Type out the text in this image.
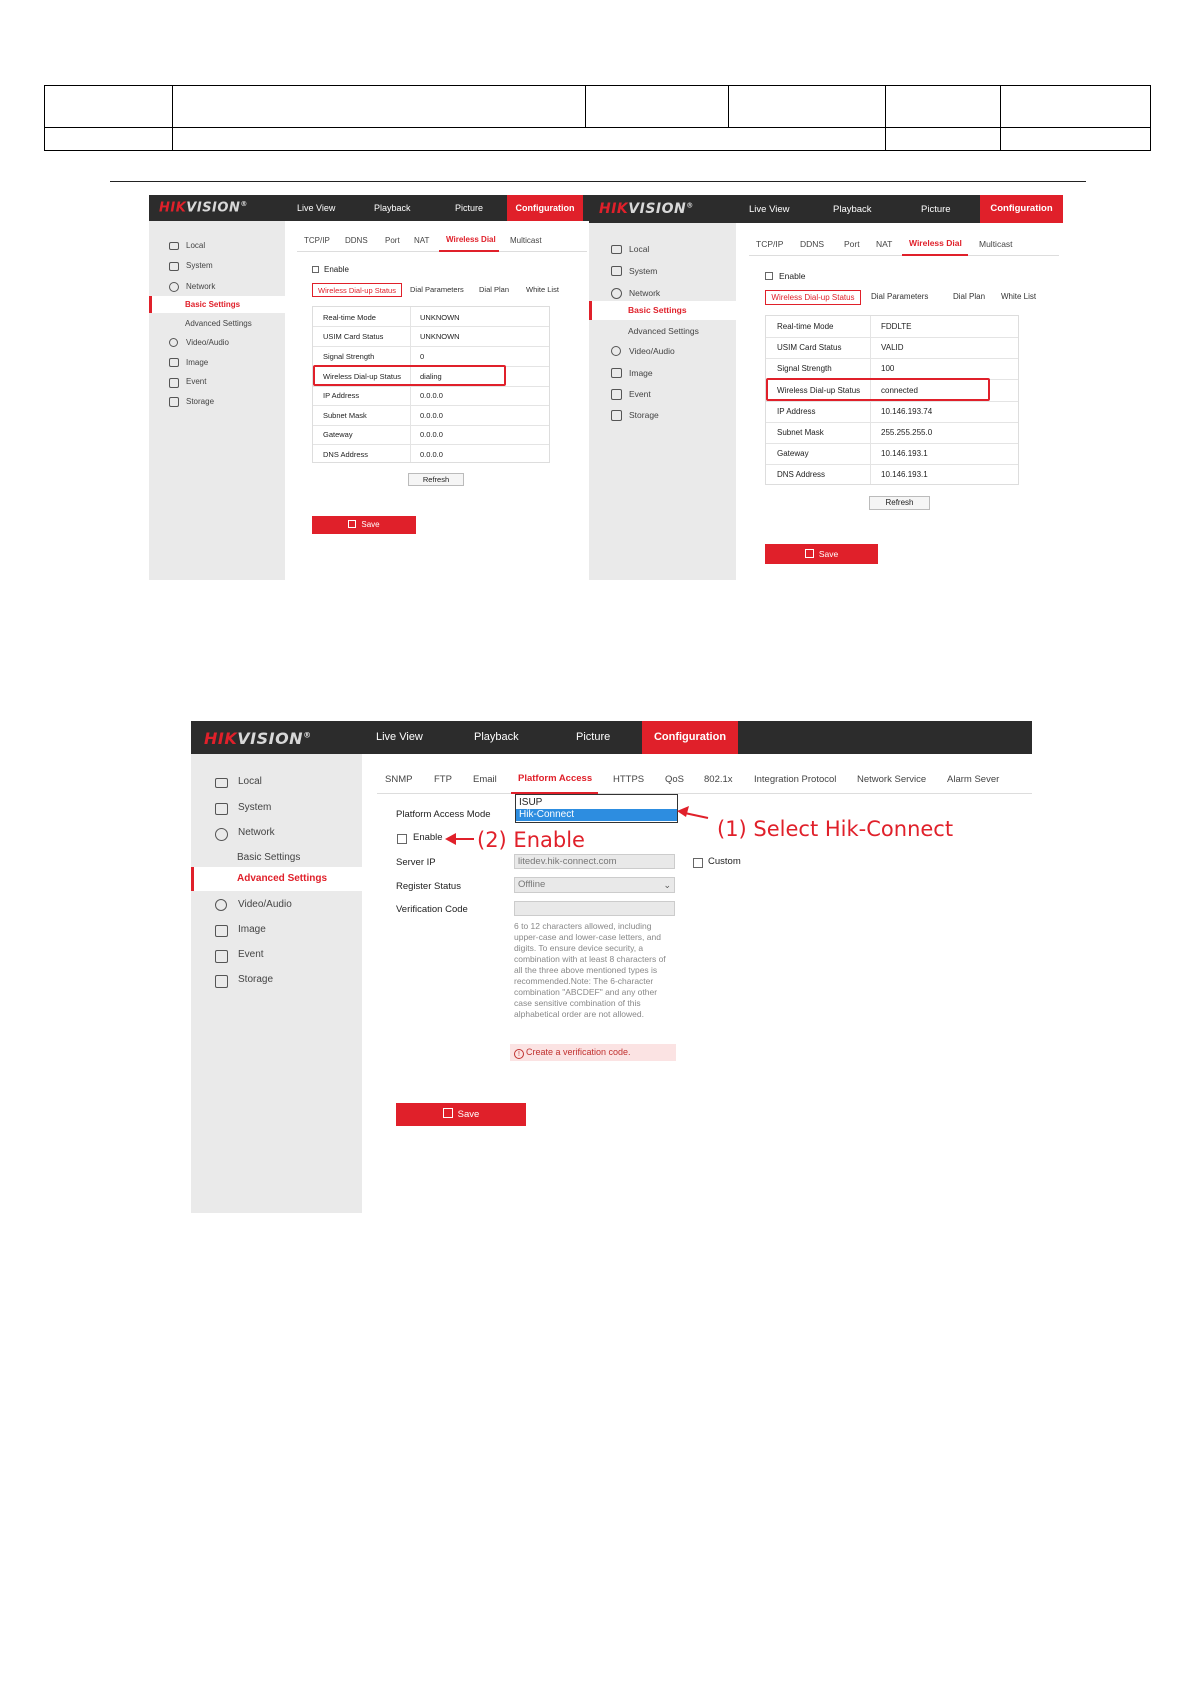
HIKVISION®	Live View	Playback	Picture	Configuration
Local
System
Network
Basic Settings
Advanced Settings
Video/Audio
Image
Event
Storage
TCP/IP DDNS Port NAT Wireless Dial Multicast
Enable
Wireless Dial-up Status	Dial Parameters Dial Plan White List
Real-time Mode	UNKNOWN
USIM Card Status	UNKNOWN
Signal Strength	0
Wireless Dial-up Status	dialing
IP Address	0.0.0.0
Subnet Mask	0.0.0.0
Gateway	0.0.0.0
DNS Address	0.0.0.0
Refresh
Save
HIKVISION®	Live View	Playback	Picture	Configuration
Local
System
Network
Basic Settings
Advanced Settings
Video/Audio
Image
Event
Storage
TCP/IP DDNS Port NAT Wireless Dial Multicast
Enable
Wireless Dial-up Status	Dial Parameters	Dial Plan White List
Real-time Mode	FDDLTE
USIM Card Status	VALID
Signal Strength	100
Wireless Dial-up Status	connected
IP Address	10.146.193.74
Subnet Mask	255.255.255.0
Gateway	10.146.193.1
DNS Address	10.146.193.1
Refresh
Save
HIKVISION®	Live View	Playback	Picture	Configuration
Local
System
Network
Basic Settings
Advanced Settings
Video/Audio
Image
Event
Storage
SNMP FTP Email Platform Access HTTPS QoS 802.1x Integration Protocol Network Service Alarm Sever
Platform Access Mode
ISUP
Hik-Connect
Enable
Server IP	litedev.hik-connect.com	Custom
Register Status	Offline	⌄
Verification Code
6 to 12 characters allowed, including upper-case and lower-case letters, and digits. To ensure device security, a combination with at least 8 characters of all the three above mentioned types is recommended.Note: The 6-character combination "ABCDEF" and any other case sensitive combination of this alphabetical order are not allowed.
! Create a verification code.
Save
(1) Select Hik-Connect
(2) Enable
